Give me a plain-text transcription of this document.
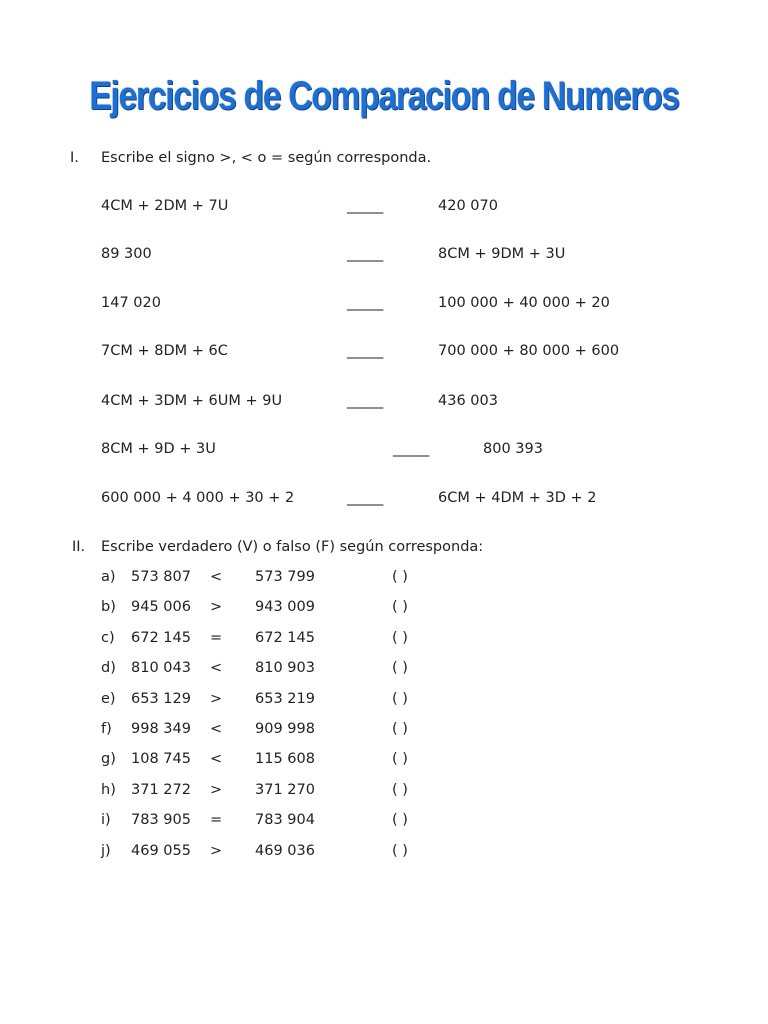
Ejercicios de Comparacion de Numeros
I. Escribe el signo >, < o = según corresponda.
4CM + 2DM + 7U	_____	420 070
89 300	_____	8CM + 9DM + 3U
147 020	_____	100 000 + 40 000 + 20
7CM + 8DM + 6C	_____	700 000 + 80 000 + 600
4CM + 3DM + 6UM + 9U	_____	436 003
8CM + 9D + 3U	_____	800 393
600 000 + 4 000 + 30 + 2	_____	6CM + 4DM + 3D + 2
II. Escribe verdadero (V) o falso (F) según corresponda:
a) 573 807 < 573 799	( )
b) 945 006 > 943 009	( )
c) 672 145 = 672 145	( )
d) 810 043 < 810 903	( )
e) 653 129 > 653 219	( )
f) 998 349 < 909 998	( )
g) 108 745 < 115 608	( )
h) 371 272 > 371 270	( )
i) 783 905 = 783 904	( )
j) 469 055 > 469 036	( )
